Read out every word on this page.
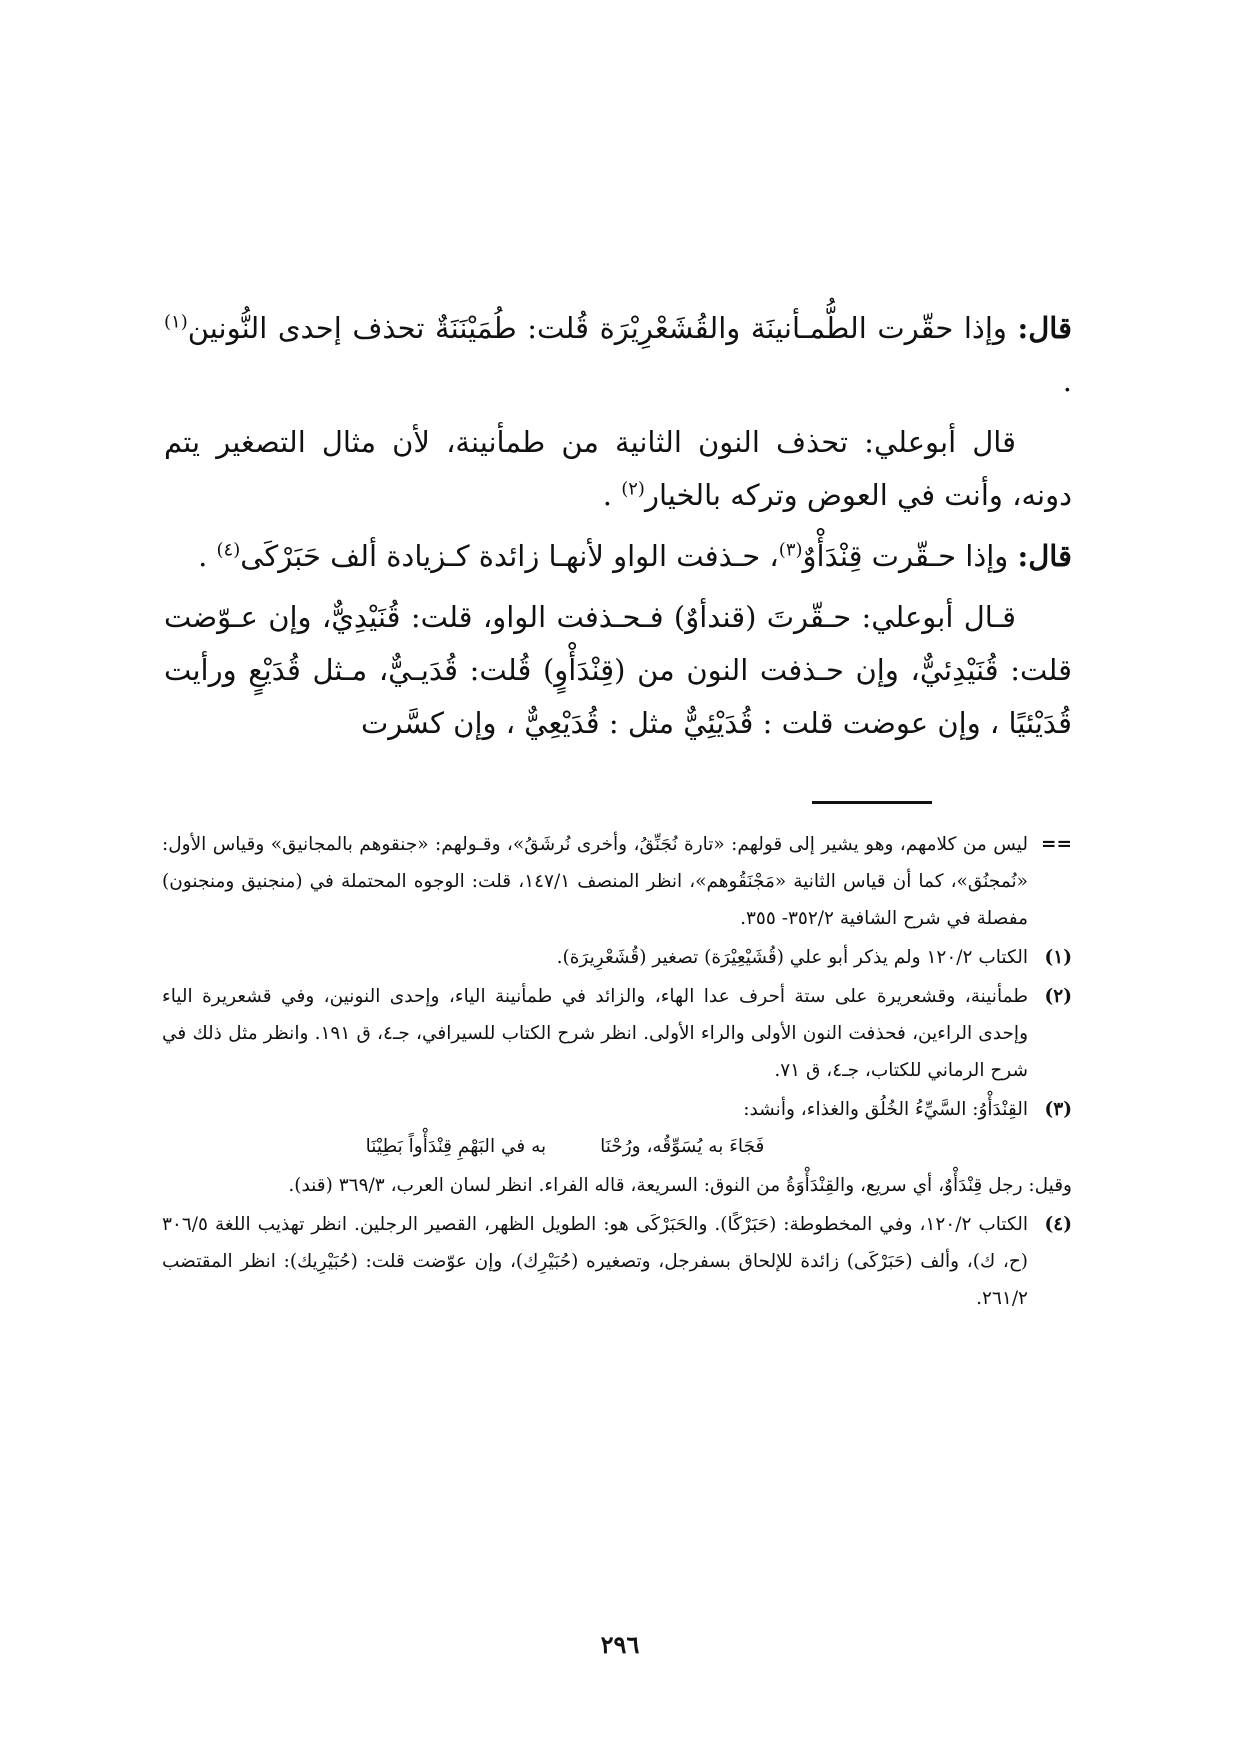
قال: وإذا حقّرت الطُّمـأنينَة والقُشَعْرِيْرَة قُلت: طُمَيْنَنَةٌ تحذف إحدى النُّونين$^{(١)}$ .

قال أبوعلي: تحذف النون الثانية من طمأنينة، لأن مثال التصغير يتم دونه، وأنت في العوض وتركه بالخيار$^{(٢)}$ .

قال: وإذا حـقّرت قِنْدَأْوٌ$^{(٣)}$، حـذفت الواو لأنهـا زائدة كـزيادة ألف حَبَرْكَى$^{(٤)}$ .

قـال أبوعلي: حـقّرتَ (قندأوٌ) فـحـذفت الواو، قلت: قُنَيْدِيٌّ، وإن عـوّضت قلت: قُنَيْدِئيٌّ، وإن حـذفت النون من (قِنْدَأْوٍ) قُلت: قُدَيـيٌّ، مـثل قُدَيْعٍ ورأيت قُدَيْئيًا ، وإن عوضت قلت : قُدَيْئِيٌّ مثل : قُدَيْعِيٌّ ، وإن كسَّرت

==
ليس من كلامهم، وهو يشير إلى قولهم: «تارة نُجَنِّقُ، وأخرى نُرشَقُ»، وقـولهم: «جنقوهم بالمجانيق» وقياس الأول: «نُمجنُق»، كما أن قياس الثانية «مَجْنَقُوهم»، انظر المنصف ١٤٧/١، قلت: الوجوه المحتملة في (منجنيق ومنجنون) مفصلة في شرح الشافية ٣٥٢/٢- ٣٥٥.
(١)
الكتاب ١٢٠/٢ ولم يذكر أبو علي (قُشَيْعِيْرَة) تصغير (قُشَعْرِيرَة).
(٢)
طمأنينة، وقشعريرة على ستة أحرف عدا الهاء، والزائد في طمأنينة الياء، وإحدى النونين، وفي قشعريرة الياء وإحدى الراءين، فحذفت النون الأولى والراء الأولى. انظر شرح الكتاب للسيرافي، جـ٤، ق ١٩١. وانظر مثل ذلك في شرح الرماني للكتاب، جـ٤، ق ٧١.
(٣)
القِنْدَأْوُ: السَّيِّءُ الخُلُق والغذاء، وأنشد:
فَجَاءَ به يُسَوِّقُه، ورُحْنَا به في البَهْمِ قِنْدَأْواً بَطِيْنَا
وقيل: رجل قِنْدَأْوٌ، أي سريع، والقِنْدَأْوَةُ من النوق: السريعة، قاله الفراء. انظر لسان العرب، ٣٦٩/٣ (قند).
(٤)
الكتاب ١٢٠/٢، وفي المخطوطة: (حَبَرْكًا). والحَبَرْكَى هو: الطويل الظهر، القصير الرجلين. انظر تهذيب اللغة ٣٠٦/٥ (ح، ك)، وألف (حَبَرْكَى) زائدة للإلحاق بسفرجل، وتصغيره (حُبَيْرِك)، وإن عوّضت قلت: (حُبَيْرِيك): انظر المقتضب ٢٦١/٢.
٢٩٦
